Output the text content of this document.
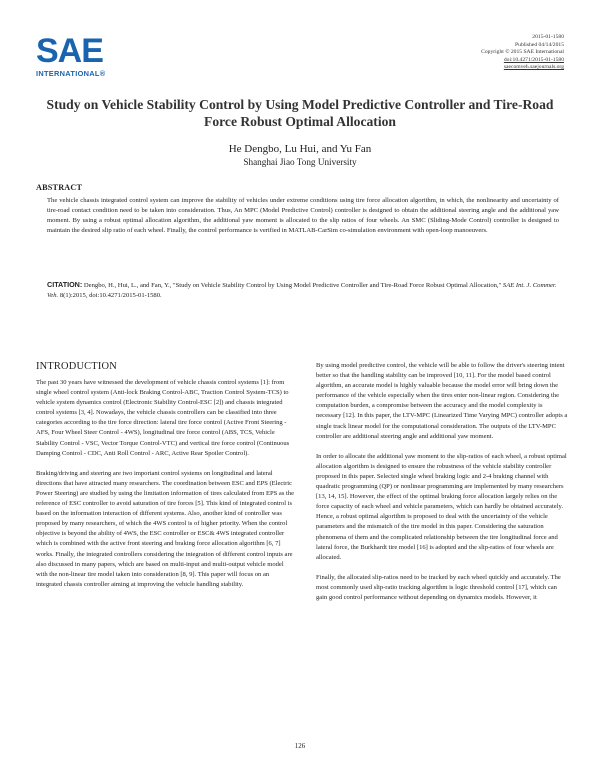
SAE
INTERNATIONAL®
2015-01-1580
Published 04/14/2015
Copyright © 2015 SAE International
doi:10.4271/2015-01-1580
saecomveh.saejournals.org
Study on Vehicle Stability Control by Using Model Predictive Controller and Tire-Road Force Robust Optimal Allocation
He Dengbo, Lu Hui, and Yu Fan
Shanghai Jiao Tong University
ABSTRACT

The vehicle chassis integrated control system can improve the stability of vehicles under extreme conditions using tire force allocation algorithm, in which, the nonlinearity and uncertainty of tire-road contact condition need to be taken into consideration. Thus, An MPC (Model Predictive Control) controller is designed to obtain the additional steering angle and the additional yaw moment. By using a robust optimal allocation algorithm, the additional yaw moment is allocated to the slip ratios of four wheels. An SMC (Sliding-Mode Control) controller is designed to maintain the desired slip ratio of each wheel. Finally, the control performance is verified in MATLAB-CarSim co-simulation environment with open-loop manoeuvers.

CITATION: Dengbo, H., Hui, L., and Fan, Y., "Study on Vehicle Stability Control by Using Model Predictive Controller and Tire-Road Force Robust Optimal Allocation," SAE Int. J. Commer. Veh. 8(1):2015, doi:10.4271/2015-01-1580.

INTRODUCTION

The past 30 years have witnessed the development of vehicle chassis control systems [1]: from single wheel control system (Anti-lock Braking Control-ABC, Traction Control System-TCS) to vehicle system dynamics control (Electronic Stability Control-ESC [2]) and chassis integrated control systems [3, 4]. Nowadays, the vehicle chassis controllers can be classified into three categories according to the tire force direction: lateral tire force control (Active Front Steering - AFS, Four Wheel Steer Control - 4WS), longitudinal tire force control (ABS, TCS, Vehicle Stability Control - VSC, Vector Torque Control-VTC) and vertical tire force control (Continuous Damping Control - CDC, Anti Roll Control - ARC, Active Rear Spoiler Control).

Braking/driving and steering are two important control systems on longitudinal and lateral directions that have attracted many researchers. The coordination between ESC and EPS (Electric Power Steering) are studied by using the limitation information of tires calculated from EPS as the reference of ESC controller to avoid saturation of tire forces [5]. This kind of integrated control is based on the information interaction of different systems. Also, another kind of controller was proposed by many researchers, of which the 4WS control is of higher priority. When the control objective is beyond the ability of 4WS, the ESC controller or ESC& 4WS integrated controller which is combined with the active front steering and braking force allocation algorithm [6, 7] works. Finally, the integrated controllers considering the integration of different control inputs are also discussed in many papers, which are based on multi-input and multi-output vehicle model with the non-linear tire model taken into consideration [8, 9]. This paper will focus on an integrated chassis controller aiming at improving the vehicle handling stability.

By using model predictive control, the vehicle will be able to follow the driver's steering intent better so that the handling stability can be improved [10, 11]. For the model based control algorithm, an accurate model is highly valuable because the model error will bring down the performance of the vehicle especially when the tires enter non-linear region. Considering the computation burden, a compromise between the accuracy and the model complexity is necessary [12]. In this paper, the LTV-MPC (Linearized Time Varying MPC) controller adopts a single track linear model for the computational consideration. The outputs of the LTV-MPC controller are additional steering angle and additional yaw moment.

In order to allocate the additional yaw moment to the slip-ratios of each wheel, a robust optimal allocation algorithm is designed to ensure the robustness of the vehicle stability controller proposed in this paper. Selected single wheel braking logic and 2-4 braking channel with quadratic programming (QP) or nonlinear programming are implemented by many researchers [13, 14, 15]. However, the effect of the optimal braking force allocation largely relies on the force capacity of each wheel and vehicle parameters, which can hardly be obtained accurately. Hence, a robust optimal algorithm is proposed to deal with the uncertainty of the vehicle parameters and the mismatch of the tire model in this paper. Considering the saturation phenomena of them and the complicated relationship between the tire longitudinal force and lateral force, the Burkhardt tire model [16] is adopted and the slip-ratios of four wheels are allocated.

Finally, the allocated slip-ratios need to be tracked by each wheel quickly and accurately. The most commonly used slip-ratio tracking algorithm is logic threshold control [17], which can gain good control performance without depending on dynamics models. However, it

126
